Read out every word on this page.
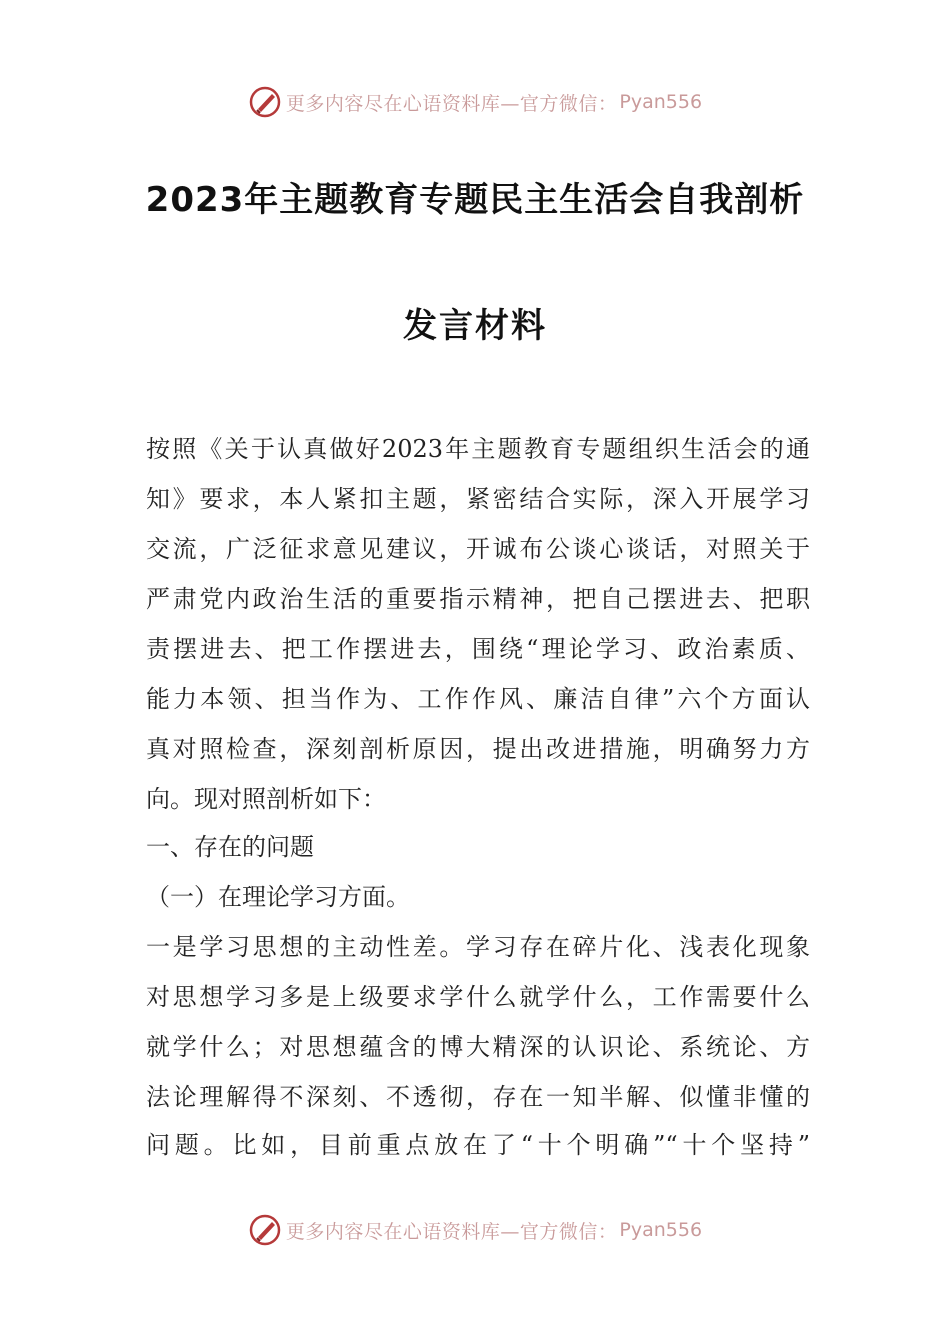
更多内容尽在心语资料库—官方微信： Pyan556
2023年主题教育专题民主生活会自我剖析
发言材料
按照《关于认真做好2023年主题教育专题组织生活会的通
知》要求，本人紧扣主题，紧密结合实际，深入开展学习
交流，广泛征求意见建议，开诚布公谈心谈话，对照关于
严肃党内政治生活的重要指示精神，把自己摆进去、把职
责摆进去、把工作摆进去，围绕“理论学习、政治素质、
能力本领、担当作为、工作作风、廉洁自律”六个方面认
真对照检查，深刻剖析原因，提出改进措施，明确努力方
向。现对照剖析如下：
一、存在的问题
（一）在理论学习方面。
一是学习思想的主动性差。学习存在碎片化、浅表化现象
对思想学习多是上级要求学什么就学什么，工作需要什么
就学什么；对思想蕴含的博大精深的认识论、系统论、方
法论理解得不深刻、不透彻，存在一知半解、似懂非懂的
问题。比如，目前重点放在了“十个明确”“十个坚持”
更多内容尽在心语资料库—官方微信： Pyan556
